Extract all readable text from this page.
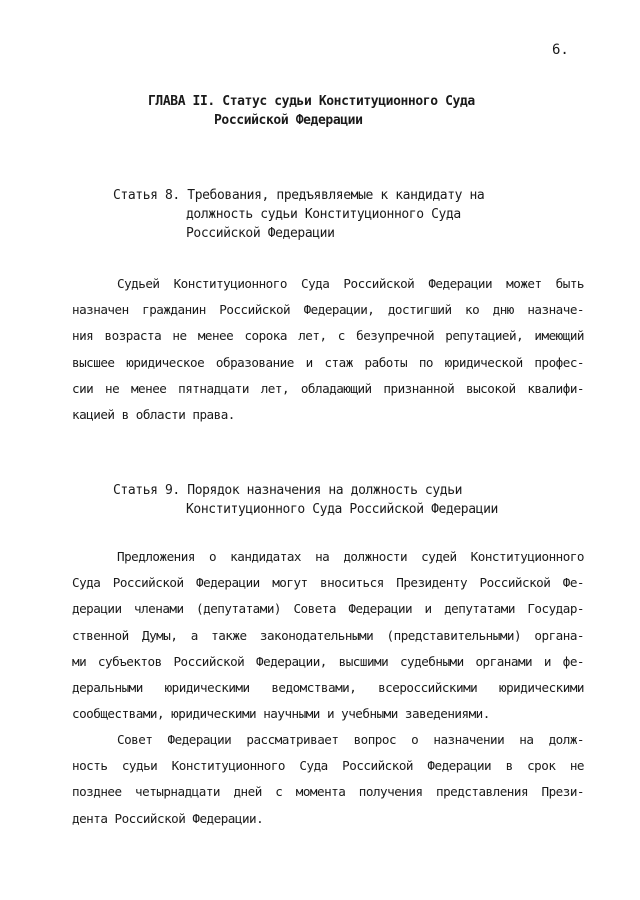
6.
ГЛАВА II. Статус судьи Конституционного Суда
Российской Федерации
Статья 8. Требования, предъявляемые к кандидату на
должность судьи Конституционного Суда
Российской Федерации
Судьей Конституционного Суда Российской Федерации может быть
назначен гражданин Российской Федерации, достигший ко дню назначе-
ния возраста не менее сорока лет, с безупречной репутацией, имеющий
высшее юридическое образование и стаж работы по юридической профес-
сии не менее пятнадцати лет, обладающий признанной высокой квалифи-
кацией в области права.
Статья 9. Порядок назначения на должность судьи
Конституционного Суда Российской Федерации
Предложения о кандидатах на должности судей Конституционного
Суда Российской Федерации могут вноситься Президенту Российской Фе-
дерации членами (депутатами) Совета Федерации и депутатами Государ-
ственной Думы, а также законодательными (представительными) органа-
ми субъектов Российской Федерации, высшими судебными органами и фе-
деральными юридическими ведомствами, всероссийскими юридическими
сообществами, юридическими научными и учебными заведениями.
Совет Федерации рассматривает вопрос о назначении на долж-
ность судьи Конституционного Суда Российской Федерации в срок не
позднее четырнадцати дней с момента получения представления Прези-
дента Российской Федерации.
